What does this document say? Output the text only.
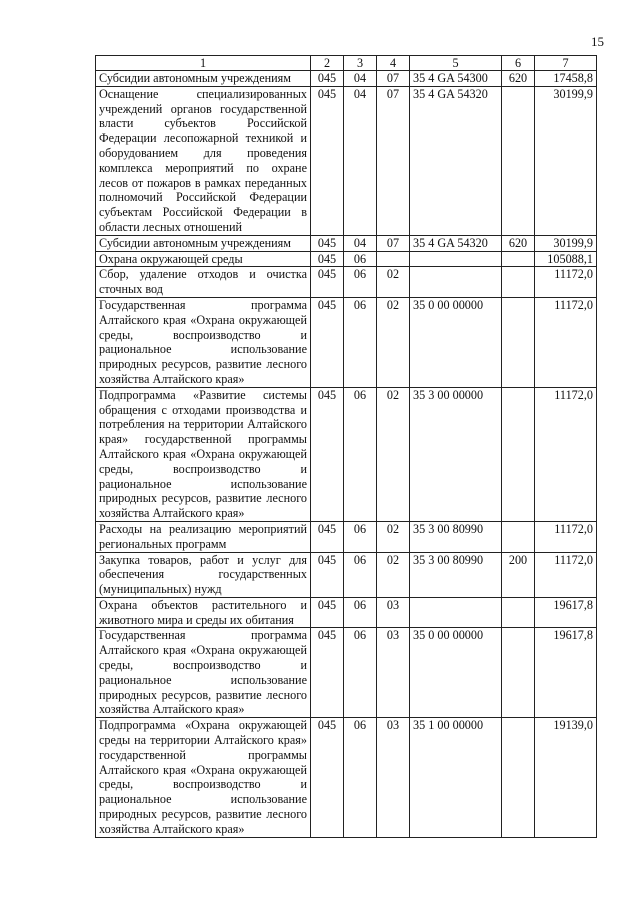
15
1	2	3	4	5	6	7
Субсидии автономным учреждениям	045	04	07	35 4 GA 54300	620	17458,8
Оснащение специализированных учреждений органов государственной власти субъектов Российской Федерации лесопожарной техникой и оборудованием для проведения комплекса мероприятий по охране лесов от пожаров в рамках переданных полномочий Российской Федерации субъектам Российской Федерации в области лесных отношений	045	04	07	35 4 GA 54320		30199,9
Субсидии автономным учреждениям	045	04	07	35 4 GA 54320	620	30199,9
Охрана окружающей среды	045	06				105088,1
Сбор, удаление отходов и очистка сточных вод	045	06	02			11172,0
Государственная программа Алтайского края «Охрана окружающей среды, воспроизводство и рациональное использование природных ресурсов, развитие лесного хозяйства Алтайского края»	045	06	02	35 0 00 00000		11172,0
Подпрограмма «Развитие системы обращения с отходами производства и потребления на территории Алтайского края» государственной программы Алтайского края «Охрана окружающей среды, воспроизводство и рациональное использование природных ресурсов, развитие лесного хозяйства Алтайского края»	045	06	02	35 3 00 00000		11172,0
Расходы на реализацию мероприятий региональных программ	045	06	02	35 3 00 80990		11172,0
Закупка товаров, работ и услуг для обеспечения государственных (муниципальных) нужд	045	06	02	35 3 00 80990	200	11172,0
Охрана объектов растительного и животного мира и среды их обитания	045	06	03			19617,8
Государственная программа Алтайского края «Охрана окружающей среды, воспроизводство и рациональное использование природных ресурсов, развитие лесного хозяйства Алтайского края»	045	06	03	35 0 00 00000		19617,8
Подпрограмма «Охрана окружающей среды на территории Алтайского края» государственной программы Алтайского края «Охрана окружающей среды, воспроизводство и рациональное использование природных ресурсов, развитие лесного хозяйства Алтайского края»	045	06	03	35 1 00 00000		19139,0
